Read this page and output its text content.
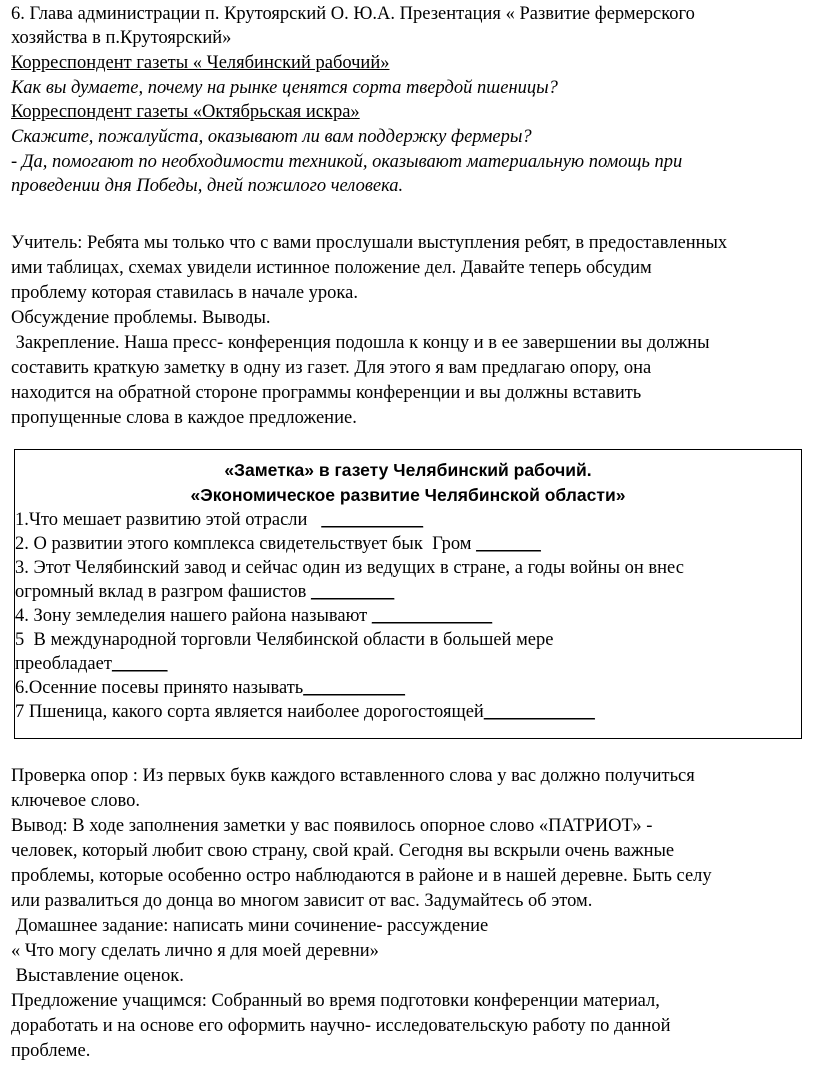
6. Глава администрации п. Крутоярский О. Ю.А. Презентация « Развитие фермерского
хозяйства в п.Крутоярский»
Корреспондент газеты « Челябинский рабочий»
Как вы думаете, почему на рынке ценятся сорта твердой пшеницы?
Корреспондент газеты «Октябрьская искра»
Скажите, пожалуйста, оказывают ли вам поддержку фермеры?
- Да, помогают по необходимости техникой, оказывают материальную помощь при
проведении дня Победы, дней пожилого человека.
Учитель: Ребята мы только что с вами прослушали выступления ребят, в предоставленных
ими таблицах, схемах увидели истинное положение дел. Давайте теперь обсудим
проблему которая ставилась в начале урока.
Обсуждение проблемы. Выводы.
Закрепление. Наша пресс- конференция подошла к концу и в ее завершении вы должны
составить краткую заметку в одну из газет. Для этого я вам предлагаю опору, она
находится на обратной стороне программы конференции и вы должны вставить
пропущенные слова в каждое предложение.
«Заметка» в газету Челябинский рабочий.
«Экономическое развитие Челябинской области»
1.Что мешает развитию этой отрасли   ___________
2. О развитии этого комплекса свидетельствует бык  Гром _______
3. Этот Челябинский завод и сейчас один из ведущих в стране, а годы войны он внес
огромный вклад в разгром фашистов _________
4. Зону земледелия нашего района называют _____________
5  В международной торговли Челябинской области в большей мере
преобладает______
6.Осенние посевы принято называть___________
7 Пшеница, какого сорта является наиболее дорогостоящей____________
Проверка опор : Из первых букв каждого вставленного слова у вас должно получиться
ключевое слово.
Вывод: В ходе заполнения заметки у вас появилось опорное слово «ПАТРИОТ» -
человек, который любит свою страну, свой край. Сегодня вы вскрыли очень важные
проблемы, которые особенно остро наблюдаются в районе и в нашей деревне. Быть селу
или развалиться до донца во многом зависит от вас. Задумайтесь об этом.
Домашнее задание: написать мини сочинение- рассуждение
« Что могу сделать лично я для моей деревни»
Выставление оценок.
Предложение учащимся: Собранный во время подготовки конференции материал,
доработать и на основе его оформить научно- исследовательскую работу по данной
проблеме.
